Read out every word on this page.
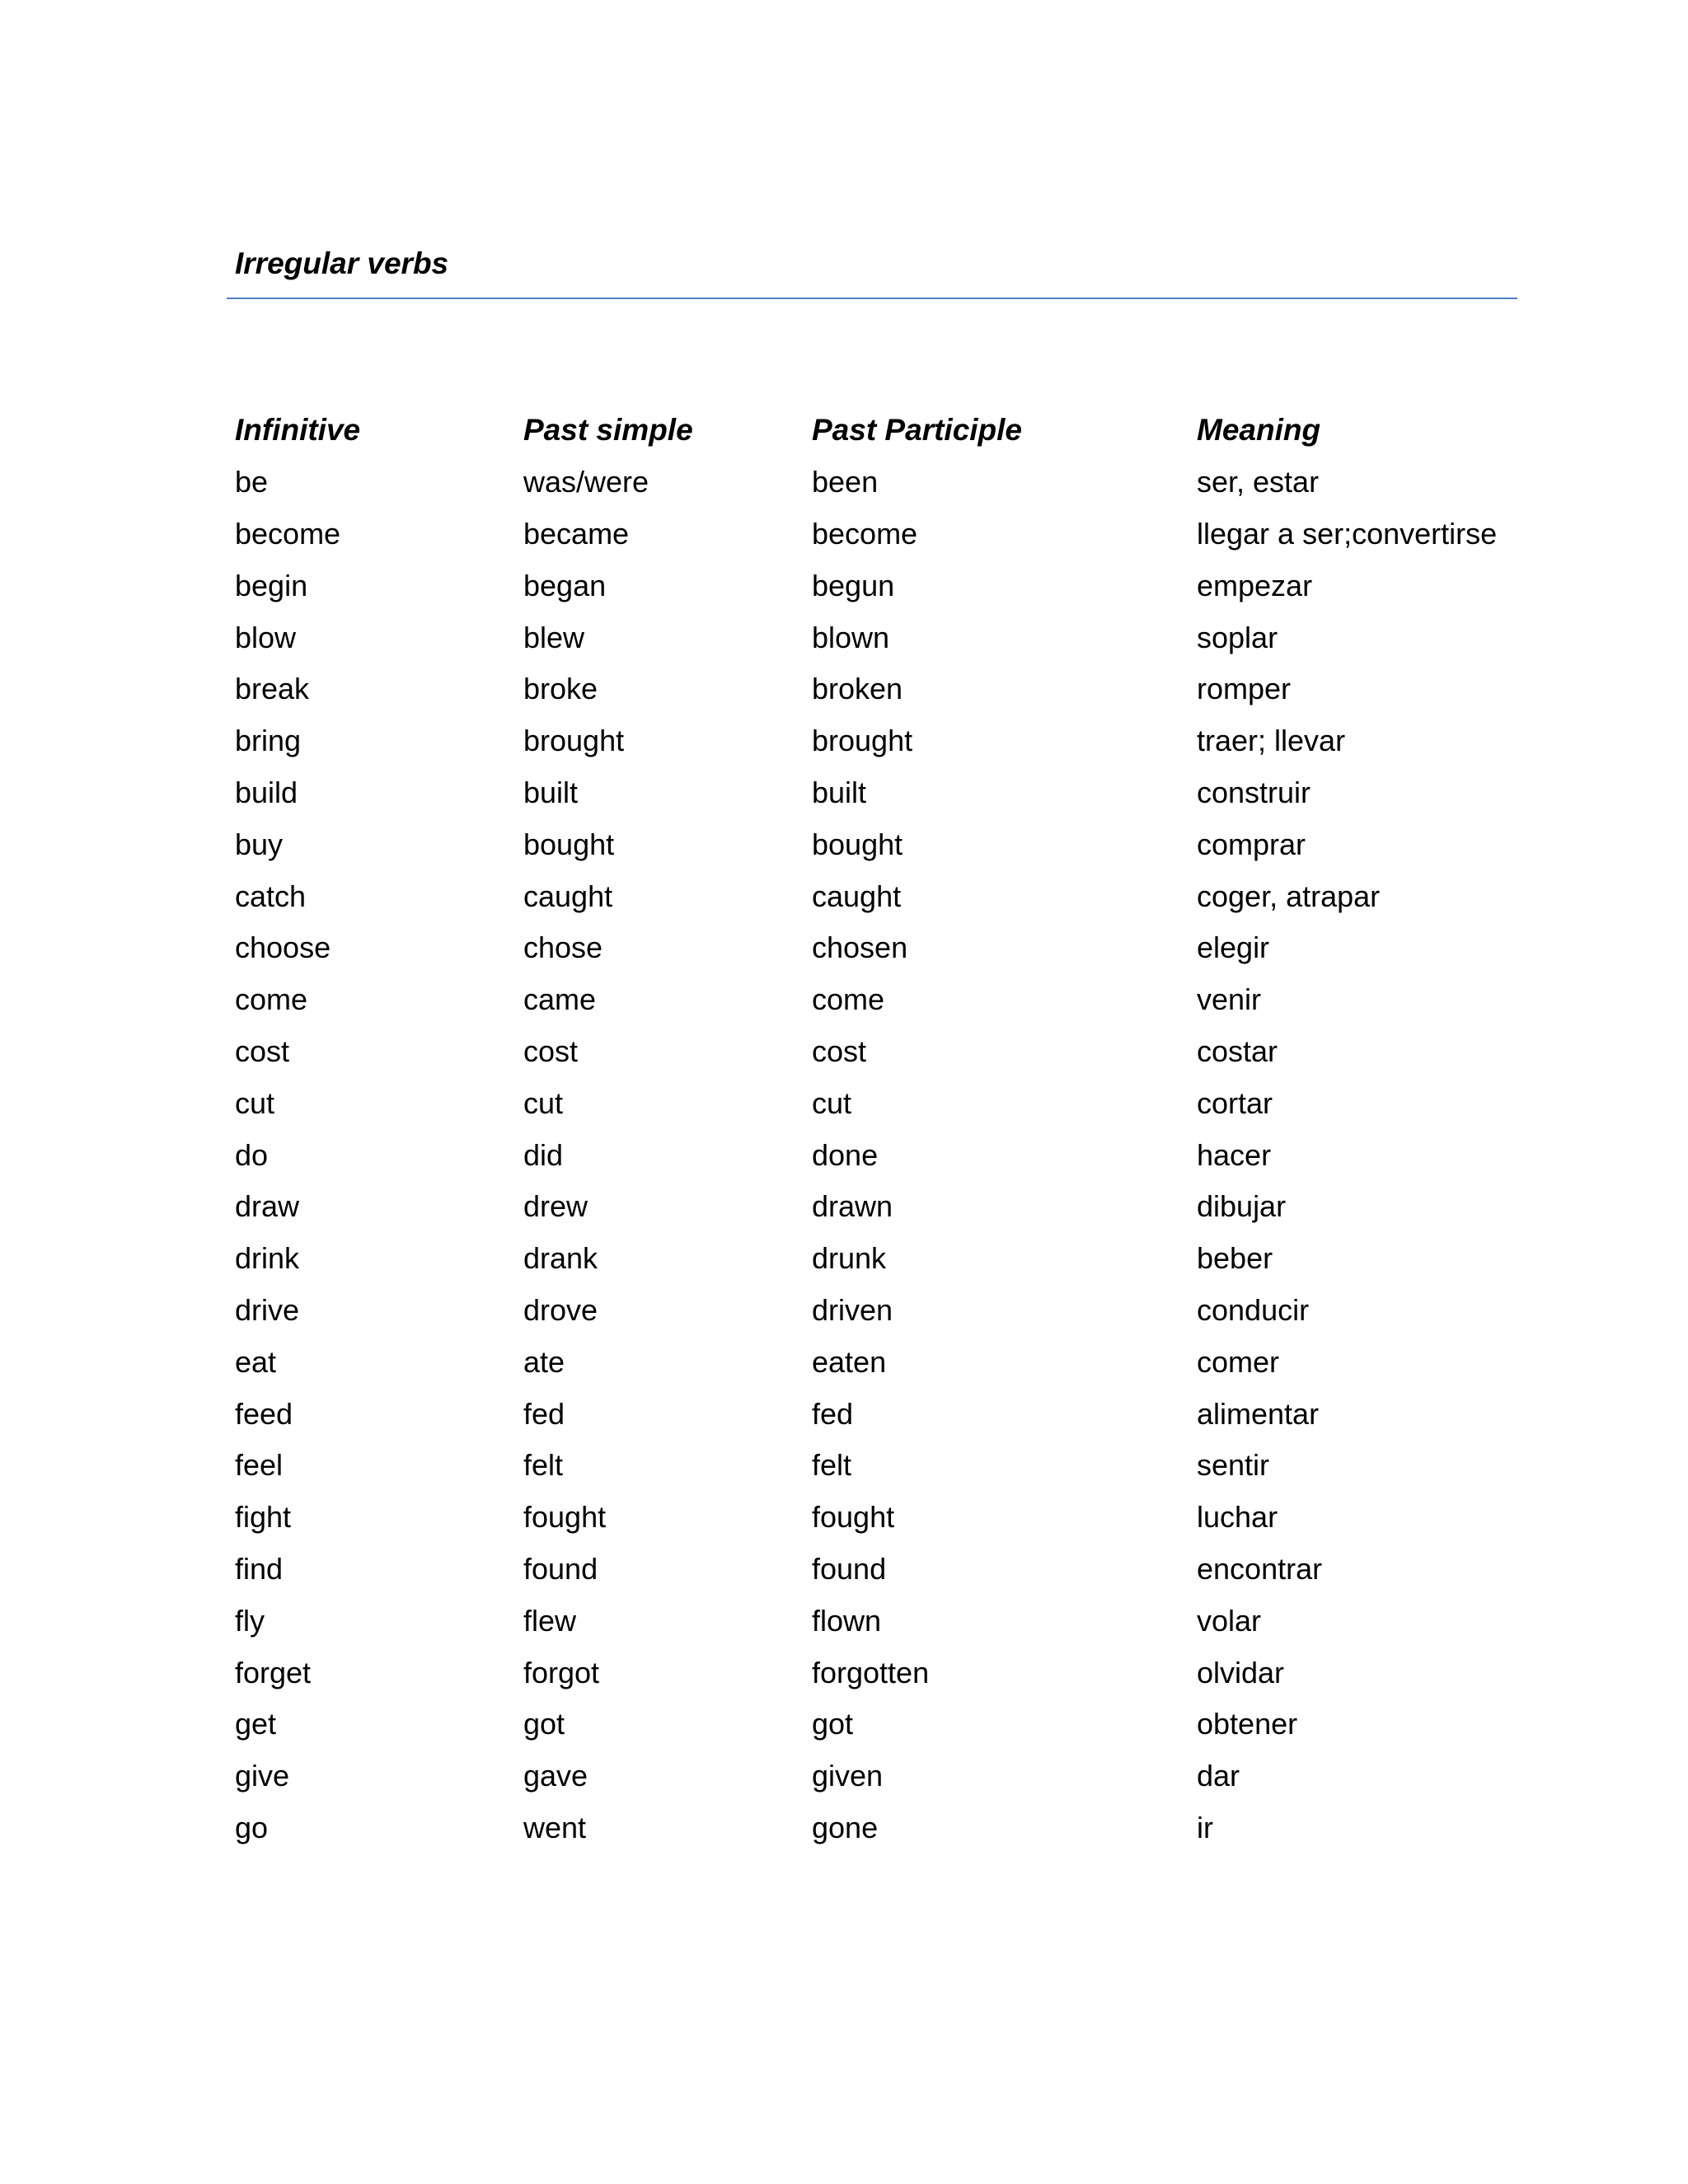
Irregular verbs
Infinitive	Past simple	Past Participle	Meaning
be	was/were	been	ser, estar
become	became	become	llegar a ser;convertirse
begin	began	begun	empezar
blow	blew	blown	soplar
break	broke	broken	romper
bring	brought	brought	traer; llevar
build	built	built	construir
buy	bought	bought	comprar
catch	caught	caught	coger, atrapar
choose	chose	chosen	elegir
come	came	come	venir
cost	cost	cost	costar
cut	cut	cut	cortar
do	did	done	hacer
draw	drew	drawn	dibujar
drink	drank	drunk	beber
drive	drove	driven	conducir
eat	ate	eaten	comer
feed	fed	fed	alimentar
feel	felt	felt	sentir
fight	fought	fought	luchar
find	found	found	encontrar
fly	flew	flown	volar
forget	forgot	forgotten	olvidar
get	got	got	obtener
give	gave	given	dar
go	went	gone	ir
